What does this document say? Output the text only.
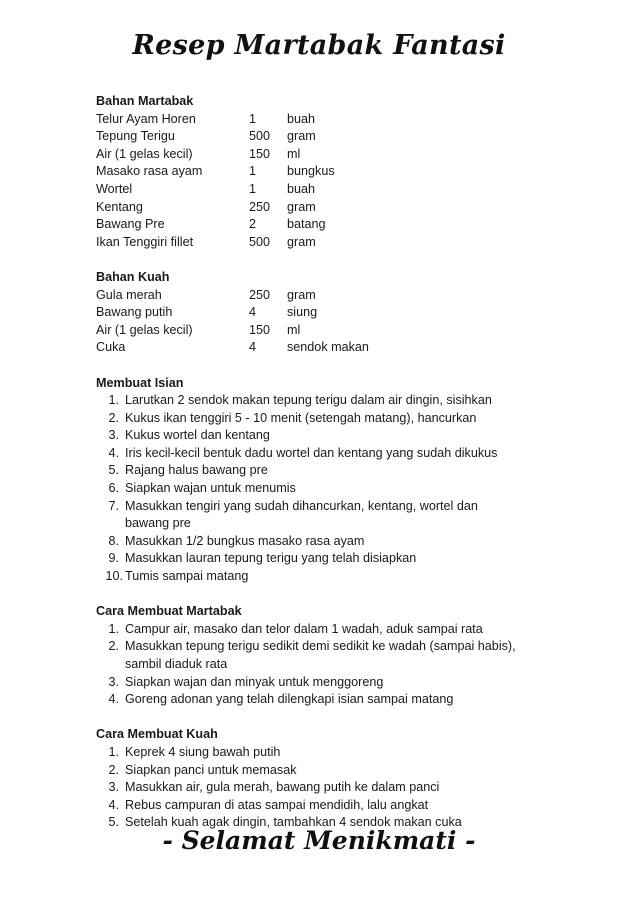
Resep Martabak Fantasi
Bahan Martabak
Telur Ayam Horen	1	buah
Tepung Terigu	500	gram
Air (1 gelas kecil)	150	ml
Masako rasa ayam	1	bungkus
Wortel	1	buah
Kentang	250	gram
Bawang Pre	2	batang
Ikan Tenggiri fillet	500	gram
Bahan Kuah
Gula merah	250	gram
Bawang putih	4	siung
Air (1 gelas kecil)	150	ml
Cuka	4	sendok makan
Membuat Isian
1. Larutkan 2 sendok makan tepung terigu dalam air dingin, sisihkan
2. Kukus ikan tenggiri 5 - 10 menit (setengah matang), hancurkan
3. Kukus wortel dan kentang
4. Iris kecil-kecil bentuk dadu wortel dan kentang yang sudah dikukus
5. Rajang halus bawang pre
6. Siapkan wajan untuk menumis
7. Masukkan tengiri yang sudah dihancurkan, kentang, wortel dan bawang pre
8. Masukkan 1/2 bungkus masako rasa ayam
9. Masukkan lauran tepung terigu yang telah disiapkan
10. Tumis sampai matang
Cara Membuat Martabak
1. Campur air, masako dan telor dalam 1 wadah, aduk sampai rata
2. Masukkan tepung terigu sedikit demi sedikit ke wadah (sampai habis), sambil diaduk rata
3. Siapkan wajan dan minyak untuk menggoreng
4. Goreng adonan yang telah dilengkapi isian sampai matang
Cara Membuat Kuah
1. Keprek 4 siung bawah putih
2. Siapkan panci untuk memasak
3. Masukkan air, gula merah, bawang putih ke dalam panci
4. Rebus campuran di atas sampai mendidih, lalu angkat
5. Setelah kuah agak dingin, tambahkan 4 sendok makan cuka
- Selamat Menikmati -
